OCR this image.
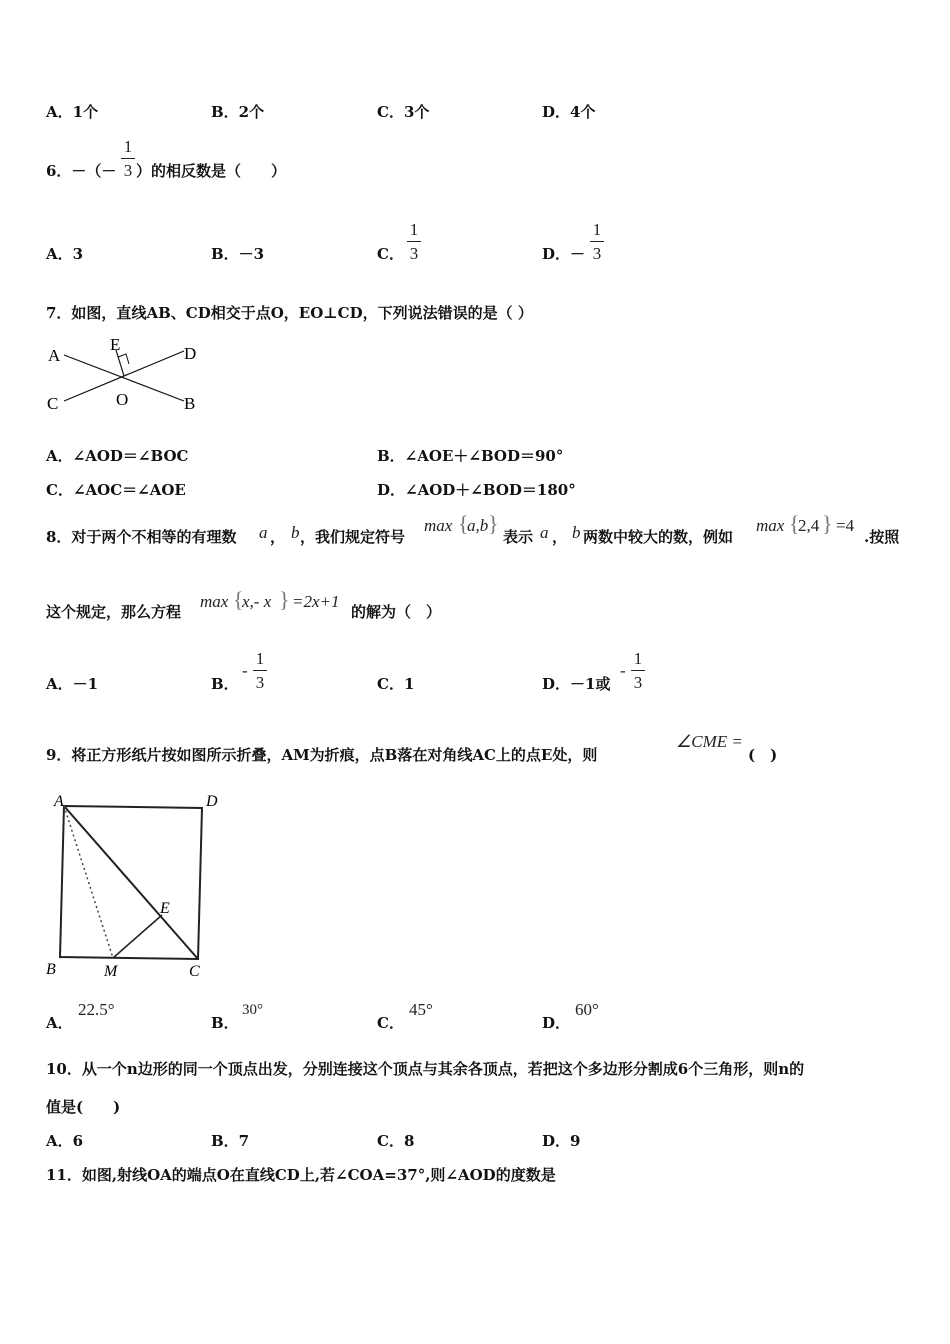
A．1个	B．2个	C．3个	D．4个
6．－（－
1
3 ）的相反数是（　　）
A．3	B．－3	C．
1
3	D．－
1
3
7．如图，直线AB、CD相交于点O，EO⊥CD，下列说法错误的是（ ）
A	D
C	B
E
O
A．∠AOD＝∠BOC	B．∠AOE＋∠BOD＝90°
C．∠AOC＝∠AOE	D．∠AOD＋∠BOD＝180°
8．对于两个不相等的有理数 a ， b ，我们规定符号
max {
a,b }
表示 a ， b 两数中较大的数，例如
max {
2,4 } =4
.按照
这个规定，那么方程
max {
x,- x } =2x+1
的解为（　）
A．－1	B．
-
1
3	C．1	D．－1或
-
1
3
9．将正方形纸片按如图所示折叠，AM为折痕，点B落在对角线AC上的点E处，则
∠CME =
(　)
A	D
B	M	C
E
A．
22.5°
B．
30°
C．
45°
D．
60°
10．从一个n边形的同一个顶点出发，分别连接这个顶点与其余各顶点，若把这个多边形分割成6个三角形，则n的
值是(　　)
A．6	B．7	C．8	D．9
11．如图,射线OA的端点O在直线CD上,若∠COA=37°,则∠AOD的度数是
